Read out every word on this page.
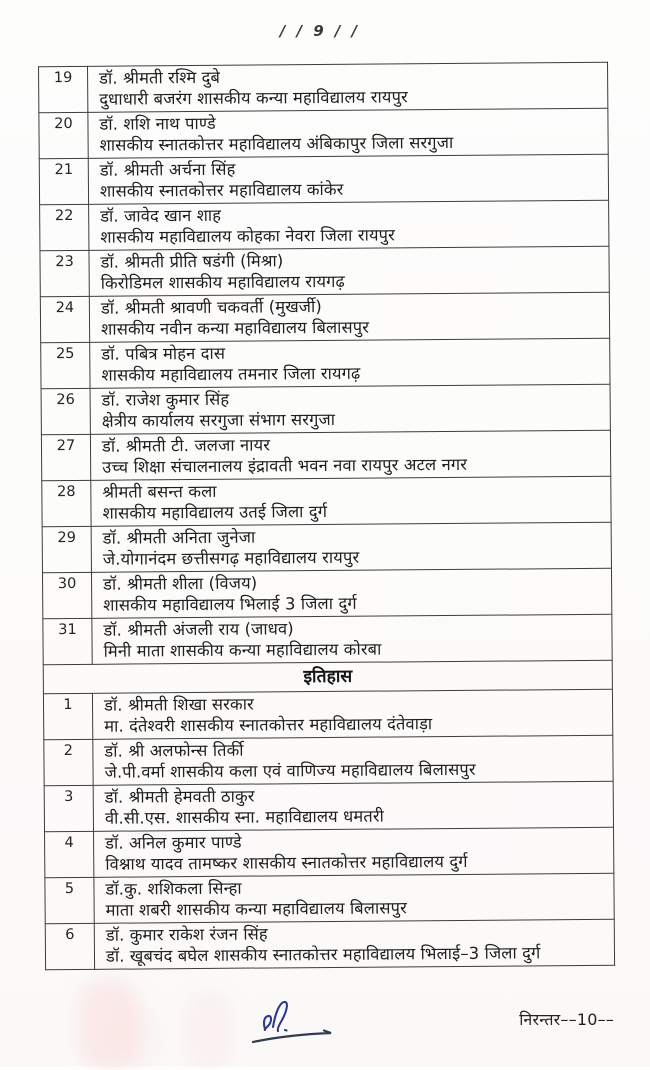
/ / 9 / /
19	डॉ. श्रीमती रश्मि दुबे
दुधाधारी बजरंग शासकीय कन्या महाविद्यालय रायपुर

20	डॉ. शशि नाथ पाण्डे
शासकीय स्नातकोत्तर महाविद्यालय अंबिकापुर जिला सरगुजा

21	डॉ. श्रीमती अर्चना सिंह
शासकीय स्नातकोत्तर महाविद्यालय कांकेर

22	डॉ. जावेद खान शाह
शासकीय महाविद्यालय कोहका नेवरा जिला रायपुर

23	डॉ. श्रीमती प्रीति षडंगी (मिश्रा)
किरोडिमल शासकीय महाविद्यालय रायगढ़

24	डॉ. श्रीमती श्रावणी चकवर्ती (मुखर्जी)
शासकीय नवीन कन्या महाविद्यालय बिलासपुर

25	डॉ. पबित्र मोहन दास
शासकीय महाविद्यालय तमनार जिला रायगढ़

26	डॉ. राजेश कुमार सिंह
क्षेत्रीय कार्यालय सरगुजा संभाग सरगुजा

27	डॉ. श्रीमती टी. जलजा नायर
उच्च शिक्षा संचालनालय इंद्रावती भवन नवा रायपुर अटल नगर

28	श्रीमती बसन्त कला
शासकीय महाविद्यालय उतई जिला दुर्ग

29	डॉ. श्रीमती अनिता जुनेजा
जे.योगानंदम छत्तीसगढ़ महाविद्यालय रायपुर

30	डॉ. श्रीमती शीला (विजय)
शासकीय महाविद्यालय भिलाई 3 जिला दुर्ग

31	डॉ. श्रीमती अंजली राय (जाधव)
मिनी माता शासकीय कन्या महाविद्यालय कोरबा

इतिहास	
1	डॉ. श्रीमती शिखा सरकार
मा. दंतेश्वरी शासकीय स्नातकोत्तर महाविद्यालय दंतेवाड़ा

2	डॉ. श्री अलफोन्स तिर्की
जे.पी.वर्मा शासकीय कला एवं वाणिज्य महाविद्यालय बिलासपुर

3	डॉ. श्रीमती हेमवती ठाकुर
वी.सी.एस. शासकीय स्ना. महाविद्यालय धमतरी

4	डॉ. अनिल कुमार पाण्डे
विश्नाथ यादव तामष्कर शासकीय स्नातकोत्तर महाविद्यालय दुर्ग

5	डॉ.कु. शशिकला सिन्हा
माता शबरी शासकीय कन्या महाविद्यालय बिलासपुर

6	डॉ. कुमार राकेश रंजन सिंह
डॉ. खूबचंद बघेल शासकीय स्नातकोत्तर महाविद्यालय भिलाई–3 जिला दुर्ग
निरन्तर––10––
